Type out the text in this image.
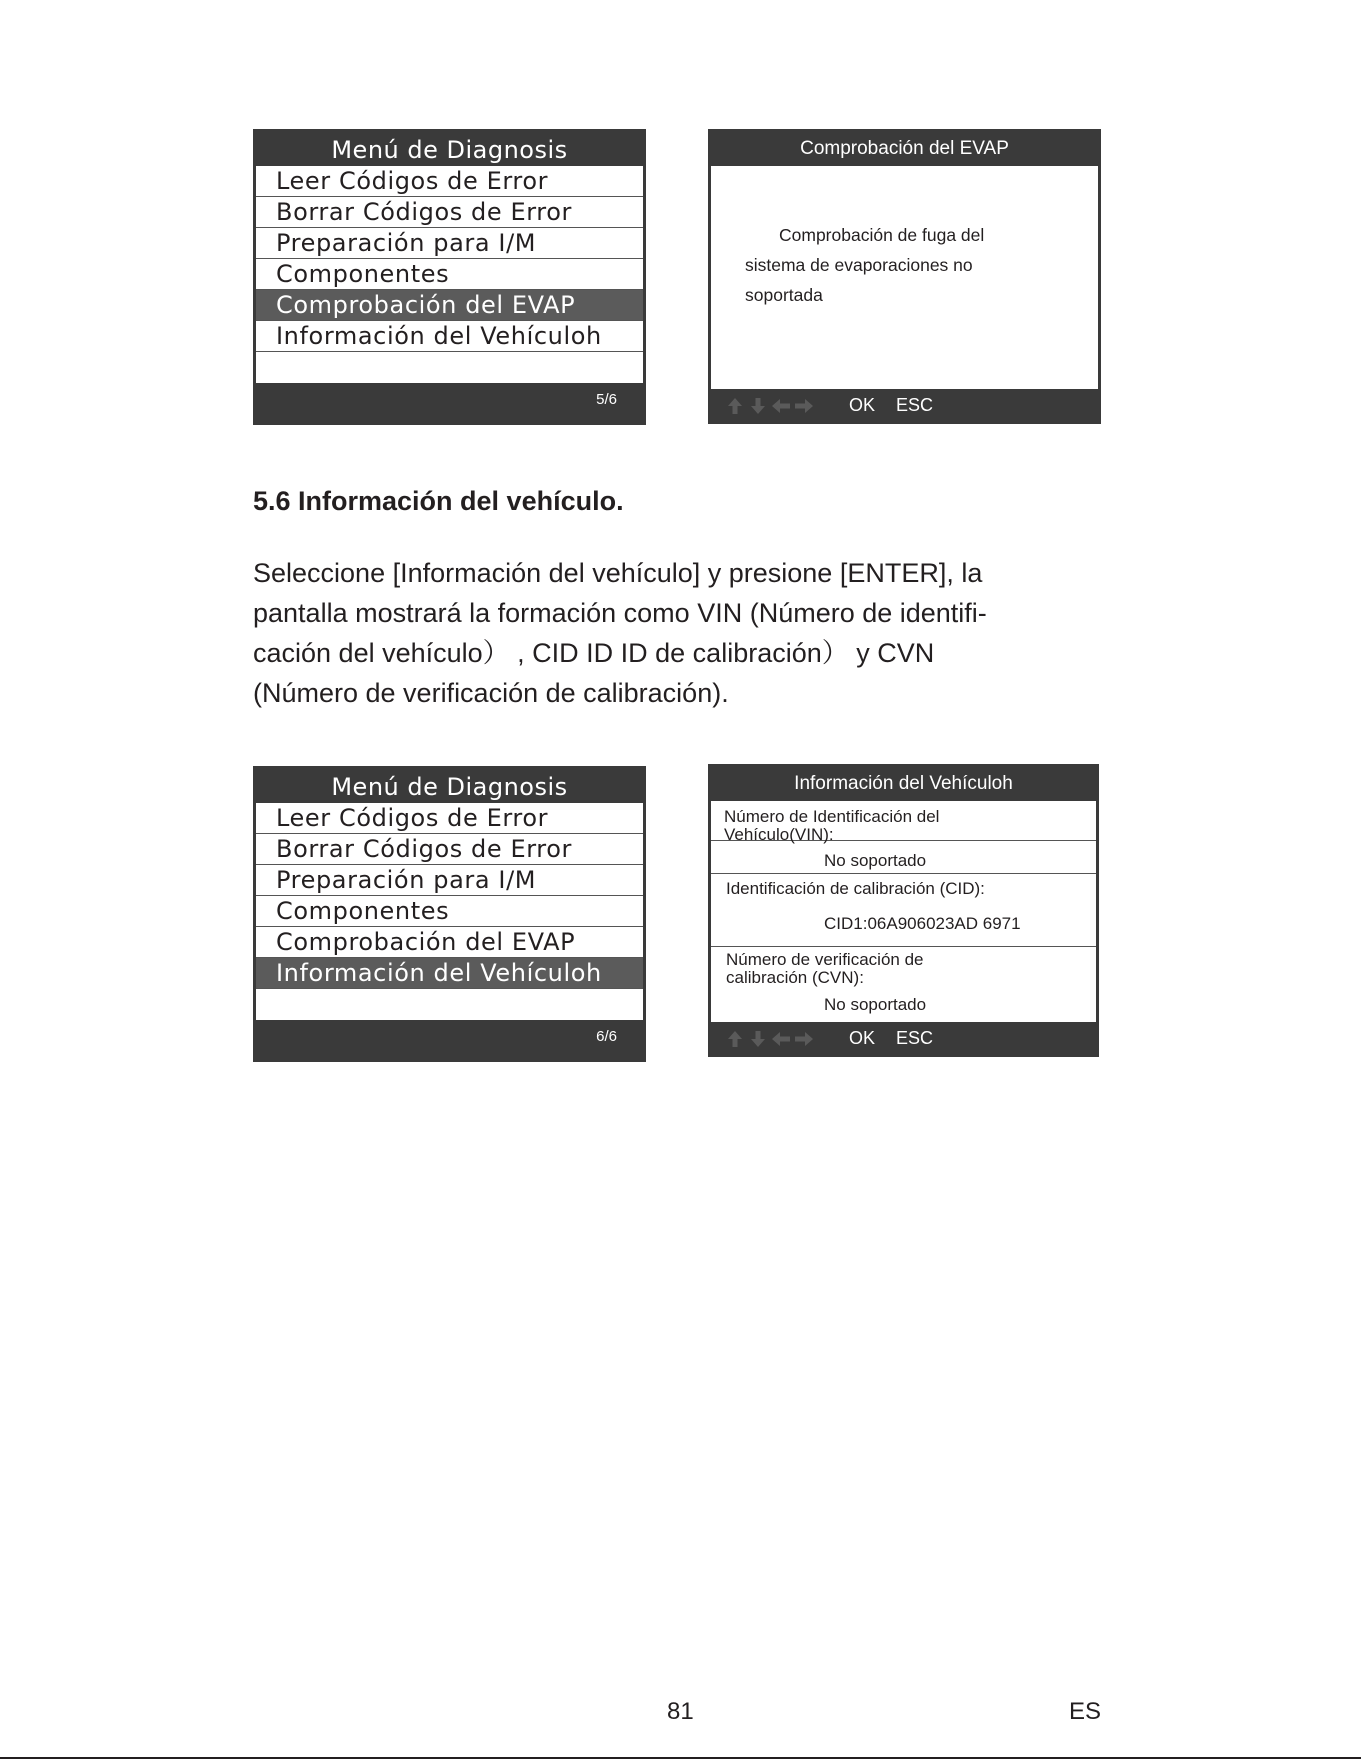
Menú de Diagnosis
Leer Códigos de Error
Borrar Códigos de Error
Preparación para I/M
Componentes
Comprobación del EVAP
Información del Vehículoh
5/6
Comprobación del EVAP
Comprobación de fuga del
sistema de evaporaciones no
soportada
OK ESC
5.6 Información del vehículo.
Seleccione [Información del vehículo] y presione [ENTER], la
pantalla mostrará la formación como VIN (Número de identifi-
cación del vehículo） , CID ID ID de calibración） y CVN
(Número de verificación de calibración).
Menú de Diagnosis
Leer Códigos de Error
Borrar Códigos de Error
Preparación para I/M
Componentes
Comprobación del EVAP
Información del Vehículoh
6/6
Información del Vehículoh
Número de Identificación del
Vehículo(VIN):
No soportado
Identificación de calibración (CID):
CID1:06A906023AD 6971
Número de verificación de
calibración (CVN):
No soportado
OK ESC
81	ES
